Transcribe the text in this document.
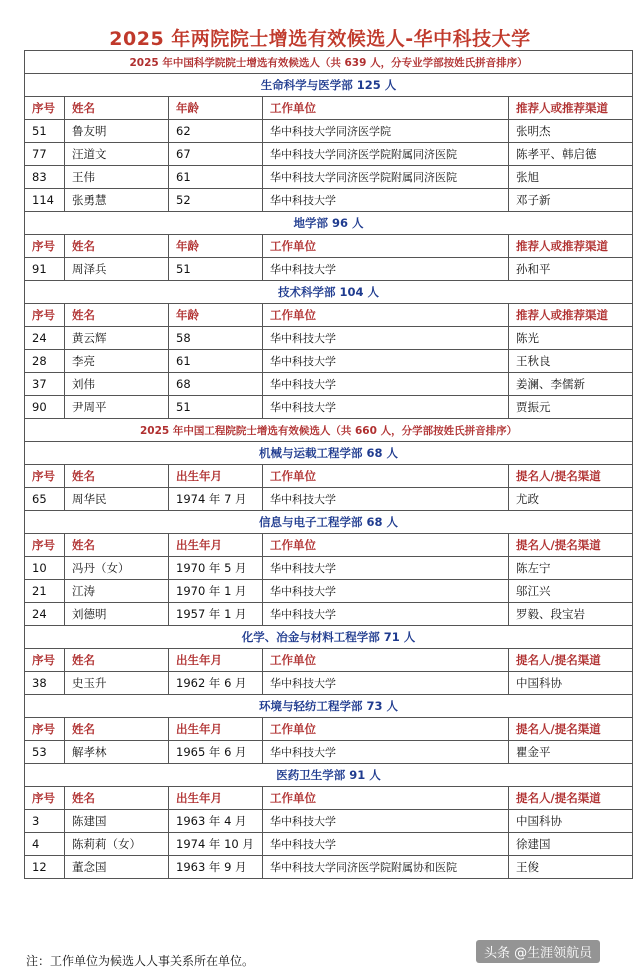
2025 年两院院士增选有效候选人-华中科技大学
2025 年中国科学院院士增选有效候选人（共 639 人，分专业学部按姓氏拼音排序）				
生命科学与医学部 125 人				
序号	姓名	年龄	工作单位	推荐人或推荐渠道
51	鲁友明	62	华中科技大学同济医学院	张明杰
77	汪道文	67	华中科技大学同济医学院附属同济医院	陈孝平、韩启德
83	王伟	61	华中科技大学同济医学院附属同济医院	张旭
114	张勇慧	52	华中科技大学	邓子新
地学部 96 人				
序号	姓名	年龄	工作单位	推荐人或推荐渠道
91	周泽兵	51	华中科技大学	孙和平
技术科学部 104 人				
序号	姓名	年龄	工作单位	推荐人或推荐渠道
24	黄云辉	58	华中科技大学	陈光
28	李亮	61	华中科技大学	王秋良
37	刘伟	68	华中科技大学	姜澜、李儒新
90	尹周平	51	华中科技大学	贾振元
2025 年中国工程院院士增选有效候选人（共 660 人，分学部按姓氏拼音排序）				
机械与运载工程学部 68 人				
序号	姓名	出生年月	工作单位	提名人/提名渠道
65	周华民	1974 年 7 月	华中科技大学	尤政
信息与电子工程学部 68 人				
序号	姓名	出生年月	工作单位	提名人/提名渠道
10	冯丹（女）	1970 年 5 月	华中科技大学	陈左宁
21	江涛	1970 年 1 月	华中科技大学	邬江兴
24	刘德明	1957 年 1 月	华中科技大学	罗毅、段宝岩
化学、冶金与材料工程学部 71 人				
序号	姓名	出生年月	工作单位	提名人/提名渠道
38	史玉升	1962 年 6 月	华中科技大学	中国科协
环境与轻纺工程学部 73 人				
序号	姓名	出生年月	工作单位	提名人/提名渠道
53	解孝林	1965 年 6 月	华中科技大学	瞿金平
医药卫生学部 91 人				
序号	姓名	出生年月	工作单位	提名人/提名渠道
3	陈建国	1963 年 4 月	华中科技大学	中国科协
4	陈莉莉（女）	1974 年 10 月	华中科技大学	徐建国
12	董念国	1963 年 9 月	华中科技大学同济医学院附属协和医院	王俊
注：工作单位为候选人人事关系所在单位。	头条 @生涯领航员
